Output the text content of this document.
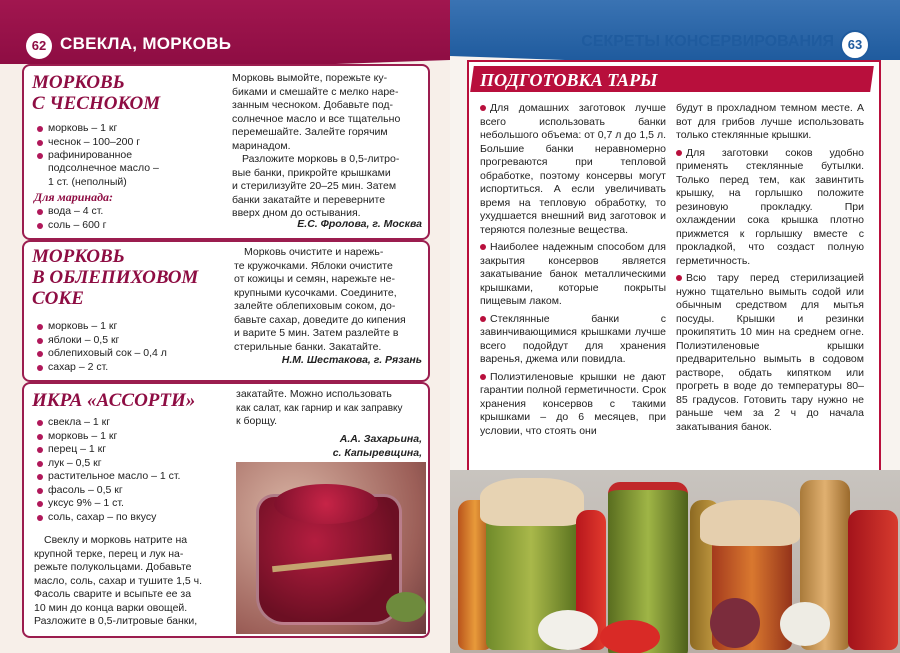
62 СВЕКЛА, МОРКОВЬ
МОРКОВЬ
С ЧЕСНОКОМ
морковь – 1 кг
чеснок – 100–200 г
рафинированное
подсолнечное масло –
1 ст. (неполный)
Для маринада:
вода – 4 ст.
соль – 600 г
Морковь вымойте, порежьте ку-
биками и смешайте с мелко наре-
занным чесноком. Добавьте под-
солнечное масло и все тщательно
перемешайте. Залейте горячим
маринадом.
Разложите морковь в 0,5-литро-
вые банки, прикройте крышками
и стерилизуйте 20–25 мин. Затем
банки закатайте и переверните
вверх дном до остывания.
Е.С. Фролова, г. Москва
МОРКОВЬ
В ОБЛЕПИХОВОМ
СОКЕ
морковь – 1 кг
яблоки – 0,5 кг
облепиховый сок – 0,4 л
сахар – 2 ст.
Морковь очистите и нарежь-
те кружочками. Яблоки очистите
от кожицы и семян, нарежьте не-
крупными кусочками. Соедините,
залейте облепиховым соком, до-
бавьте сахар, доведите до кипения
и варите 5 мин. Затем разлейте в
стерильные банки. Закатайте.
Н.М. Шестакова, г. Рязань
ИКРА «АССОРТИ»
свекла – 1 кг
морковь – 1 кг
перец – 1 кг
лук – 0,5 кг
растительное масло – 1 ст.
фасоль – 0,5 кг
уксус 9% – 1 ст.
соль, сахар – по вкусу
закатайте. Можно использовать
как салат, как гарнир и как заправку
к борщу.
А.А. Захарьина,
с. Капыревщина,
Свеклу и морковь натрите на
крупной терке, перец и лук на-
режьте полукольцами. Добавьте
масло, соль, сахар и тушите 1,5 ч.
Фасоль сварите и всыпьте ее за
10 мин до конца варки овощей.
Разложите в 0,5-литровые банки,
СЕКРЕТЫ КОНСЕРВИРОВАНИЯ	63
ПОДГОТОВКА ТАРЫ

Для домашних заготовок лучше всего использовать банки небольшого объема: от 0,7 л до 1,5 л. Большие банки неравномерно прогреваются при тепловой обработке, поэтому консервы могут испортиться. А если увеличивать время на тепловую обработку, то ухудшается внешний вид заготовок и теряются полезные вещества.

Наиболее надежным способом для закрытия консервов является закатывание банок металлическими крышками, которые покрыты пищевым лаком.

Стеклянные банки с завинчивающимися крышками лучше всего подойдут для хранения варенья, джема или повидла.

Полиэтиленовые крышки не дают гарантии полной герметичности. Срок хранения консервов с такими крышками – до 6 месяцев, при условии, что стоять они

будут в прохладном темном месте. А вот для грибов лучше использовать только стеклянные крышки.

Для заготовки соков удобно применять стеклянные бутылки. Только перед тем, как завинтить крышку, на горлышко положите резиновую прокладку. При охлаждении сока крышка плотно прижмется к горлышку вместе с прокладкой, что создаст полную герметичность.

Всю тару перед стерилизацией нужно тщательно вымыть содой или обычным средством для мытья посуды. Крышки и резинки прокипятить 10 мин на среднем огне. Полиэтиленовые крышки предварительно вымыть в содовом растворе, обдать кипятком или прогреть в воде до температуры 80–85 градусов. Готовить тару нужно не раньше чем за 2 ч до начала закатывания банок.
